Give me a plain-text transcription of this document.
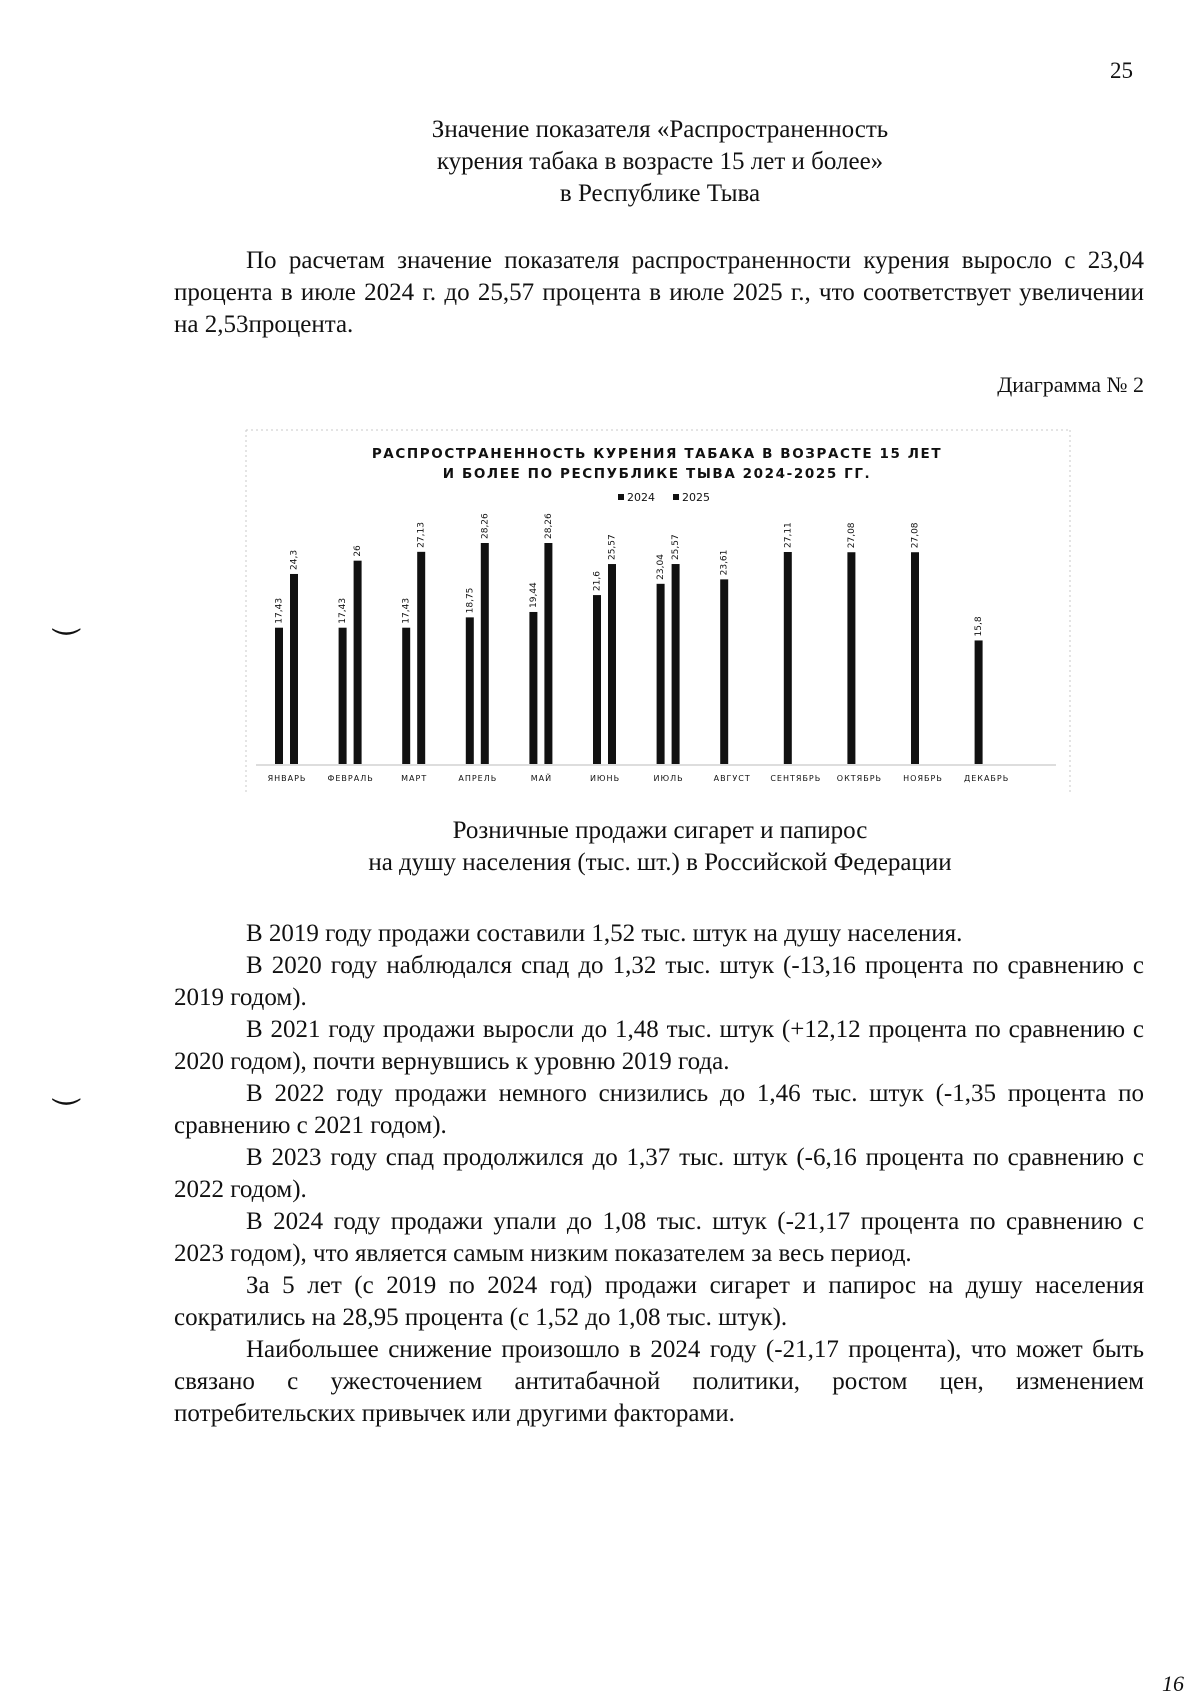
25
Значение показателя «Распространенность
курения табака в возрасте 15 лет и более»
в Республике Тыва

По расчетам значение показателя распространенности курения выросло с 23,04 процента в июле 2024 г. до 25,57 процента в июле 2025 г., что соответствует увеличении на 2,53процента.

Диаграмма № 2
РАСПРОСТРАНЕННОСТЬ КУРЕНИЯ ТАБАКА В ВОЗРАСТЕ 15 ЛЕТ
И БОЛЕЕ ПО РЕСПУБЛИКЕ ТЫВА 2024-2025 ГГ.
2024 2025
17,43
24,3
17,43
26
17,43
27,13
18,75
28,26
19,44
28,26
21,6
25,57
23,04
25,57
23,61
27,11	27,08	27,08
15,8
ЯНВАРЬ	ФЕВРАЛЬ	МАРТ	АПРЕЛЬ	МАЙ	ИЮНЬ	ИЮЛЬ	АВГУСТ СЕНТЯБРЬ ОКТЯБРЬ	НОЯБРЬ	ДЕКАБРЬ
Розничные продажи сигарет и папирос
на душу населения (тыс. шт.) в Российской Федерации

В 2019 году продажи составили 1,52 тыс. штук на душу населения.

В 2020 году наблюдался спад до 1,32 тыс. штук (-13,16 процента по сравнению с 2019 годом).

В 2021 году продажи выросли до 1,48 тыс. штук (+12,12 процента по сравнению с 2020 годом), почти вернувшись к уровню 2019 года.

В 2022 году продажи немного снизились до 1,46 тыс. штук (-1,35 процента по сравнению с 2021 годом).

В 2023 году спад продолжился до 1,37 тыс. штук (-6,16 процента по сравнению с 2022 годом).

В 2024 году продажи упали до 1,08 тыс. штук (-21,17 процента по сравнению с 2023 годом), что является самым низким показателем за весь период.

За 5 лет (с 2019 по 2024 год) продажи сигарет и папирос на душу населения сократились на 28,95 процента (с 1,52 до 1,08 тыс. штук).

Наибольшее снижение произошло в 2024 году (-21,17 процента), что может быть связано с ужесточением антитабачной политики, ростом цен, изменением потребительских привычек или другими факторами.

⏝
⏝
16
